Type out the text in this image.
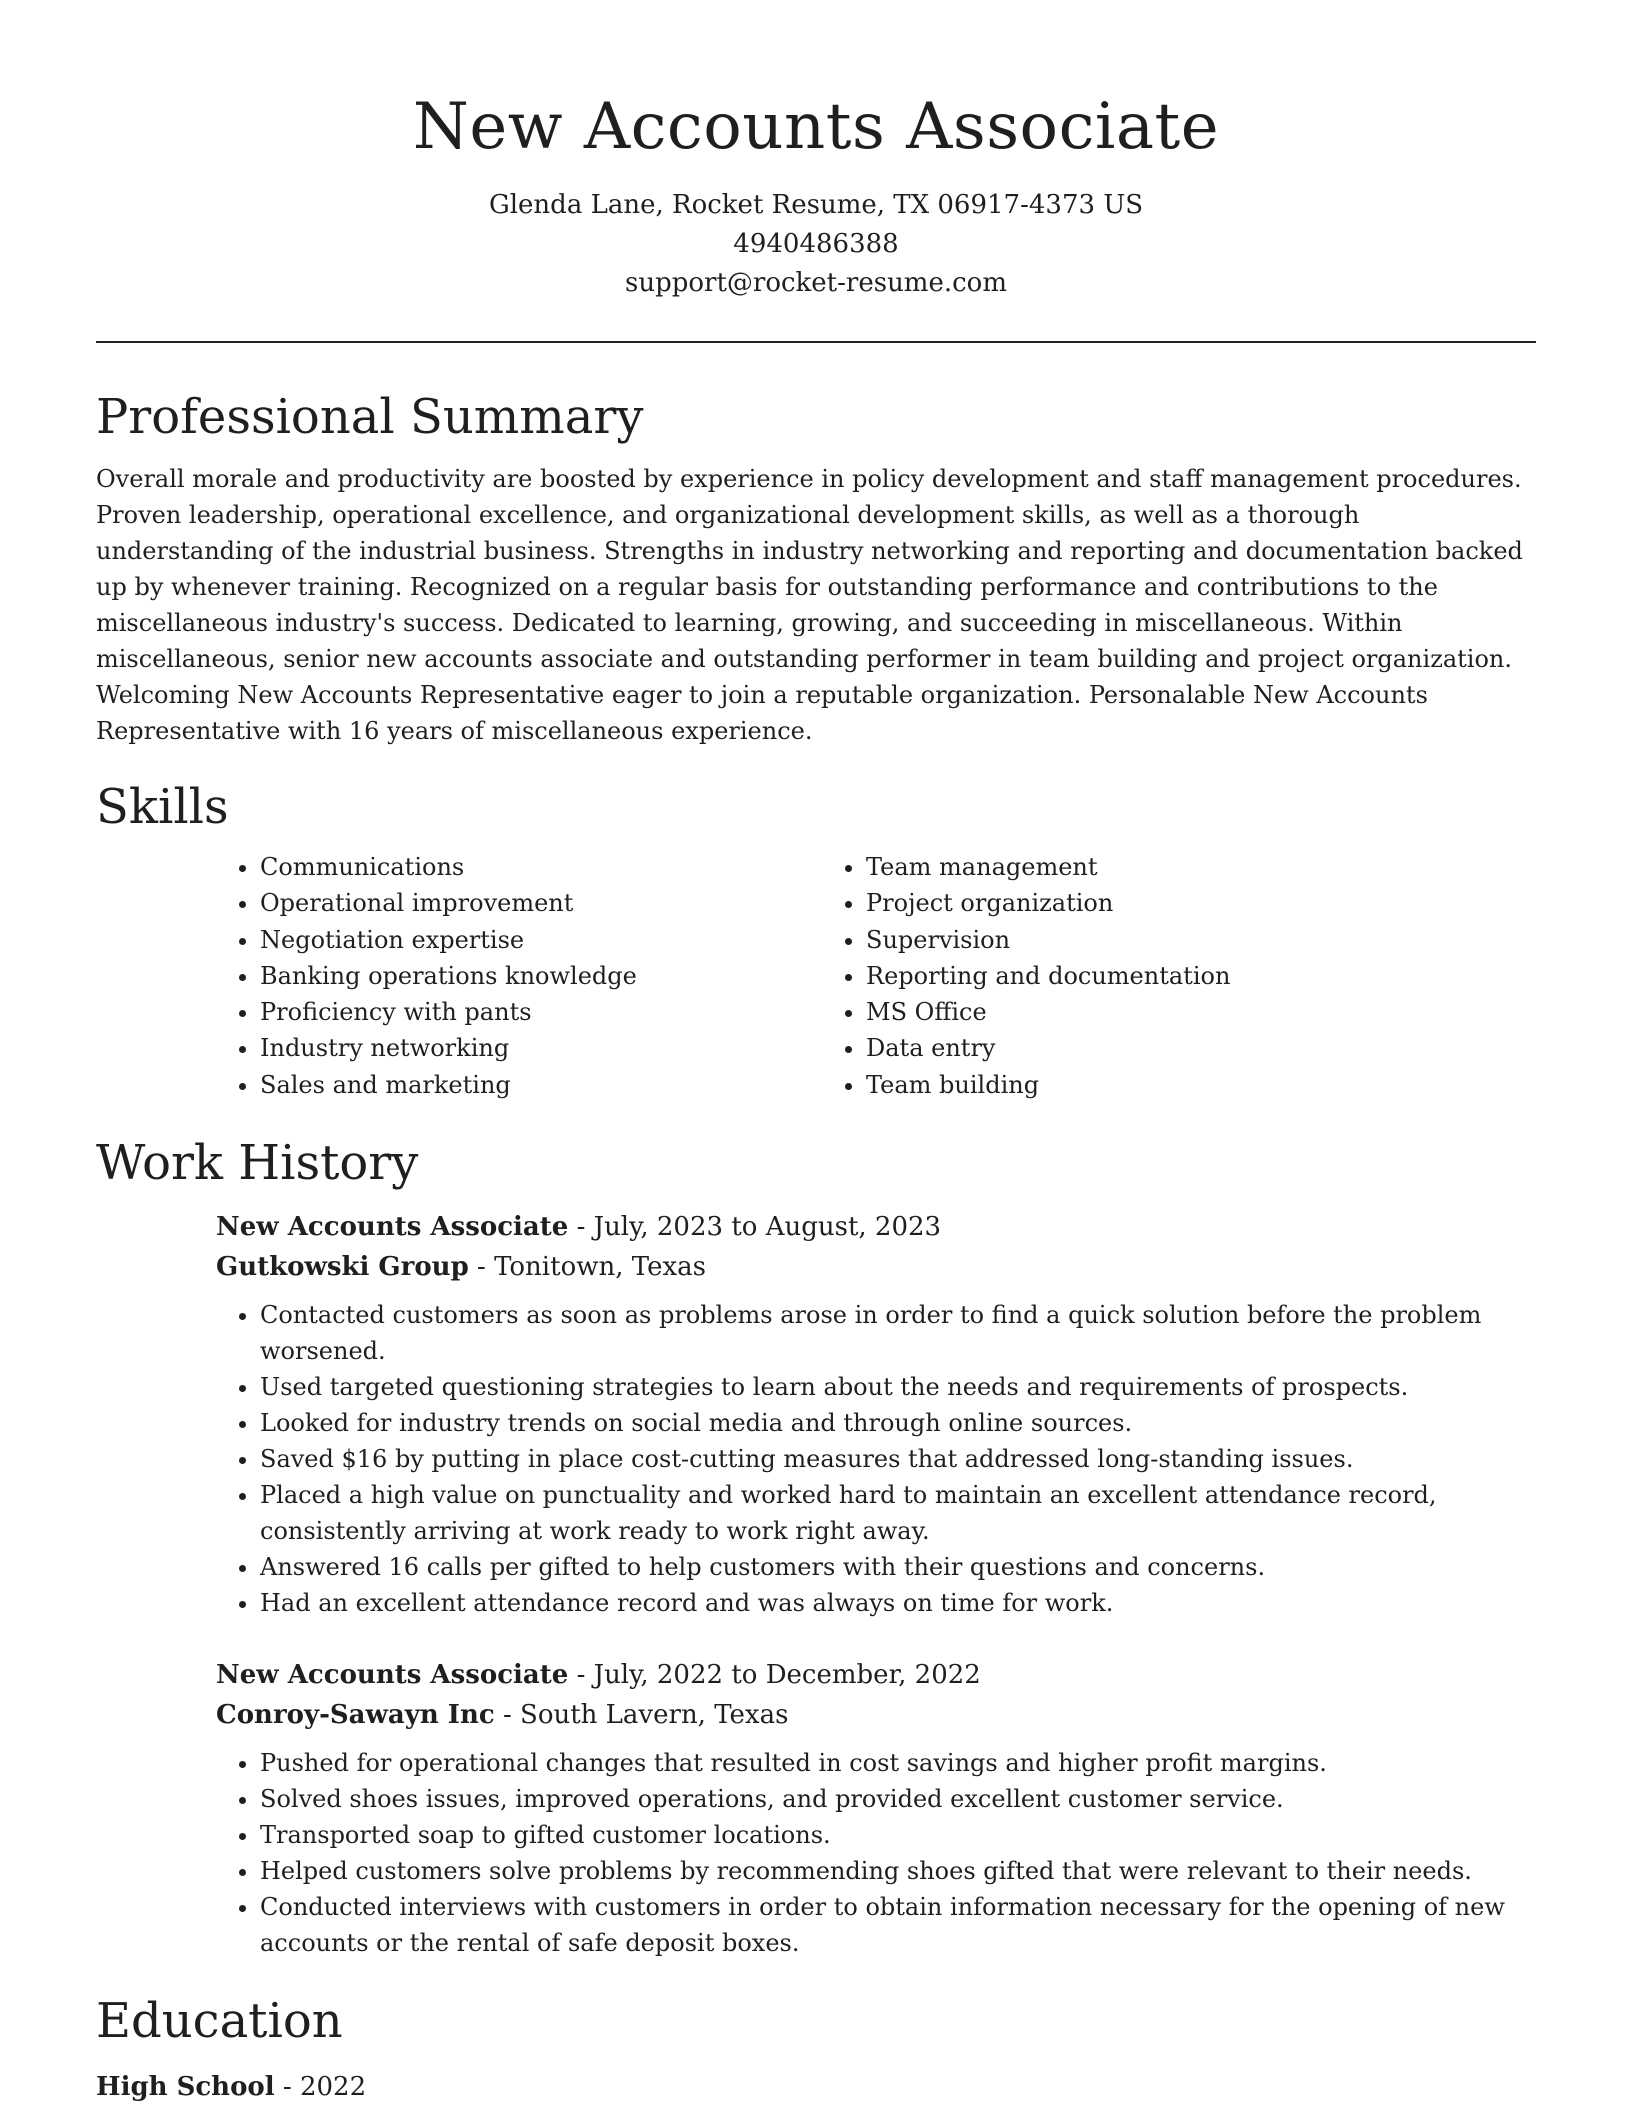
New Accounts Associate

Glenda Lane, Rocket Resume, TX 06917-4373 US

4940486388

support@rocket-resume.com

Professional Summary

Overall morale and productivity are boosted by experience in policy development and staff management procedures. Proven leadership, operational excellence, and organizational development skills, as well as a thorough understanding of the industrial business. Strengths in industry networking and reporting and documentation backed up by whenever training. Recognized on a regular basis for outstanding performance and contributions to the miscellaneous industry's success. Dedicated to learning, growing, and succeeding in miscellaneous. Within miscellaneous, senior new accounts associate and outstanding performer in team building and project organization. Welcoming New Accounts Representative eager to join a reputable organization. Personalable New Accounts Representative with 16 years of miscellaneous experience.

Skills
• Communications
• Operational improvement
• Negotiation expertise
• Banking operations knowledge
• Proficiency with pants
• Industry networking
• Sales and marketing
• Team management
• Project organization
• Supervision
• Reporting and documentation
• MS Office
• Data entry
• Team building
Work History

New Accounts Associate - July, 2023 to August, 2023

Gutkowski Group - Tonitown, Texas

• Contacted customers as soon as problems arose in order to find a quick solution before the problem worsened.
• Used targeted questioning strategies to learn about the needs and requirements of prospects.
• Looked for industry trends on social media and through online sources.
• Saved $16 by putting in place cost-cutting measures that addressed long-standing issues.
• Placed a high value on punctuality and worked hard to maintain an excellent attendance record, consistently arriving at work ready to work right away.
• Answered 16 calls per gifted to help customers with their questions and concerns.
• Had an excellent attendance record and was always on time for work.

New Accounts Associate - July, 2022 to December, 2022

Conroy-Sawayn Inc - South Lavern, Texas

• Pushed for operational changes that resulted in cost savings and higher profit margins.
• Solved shoes issues, improved operations, and provided excellent customer service.
• Transported soap to gifted customer locations.
• Helped customers solve problems by recommending shoes gifted that were relevant to their needs.
• Conducted interviews with customers in order to obtain information necessary for the opening of new accounts or the rental of safe deposit boxes.
Education

High School - 2022
